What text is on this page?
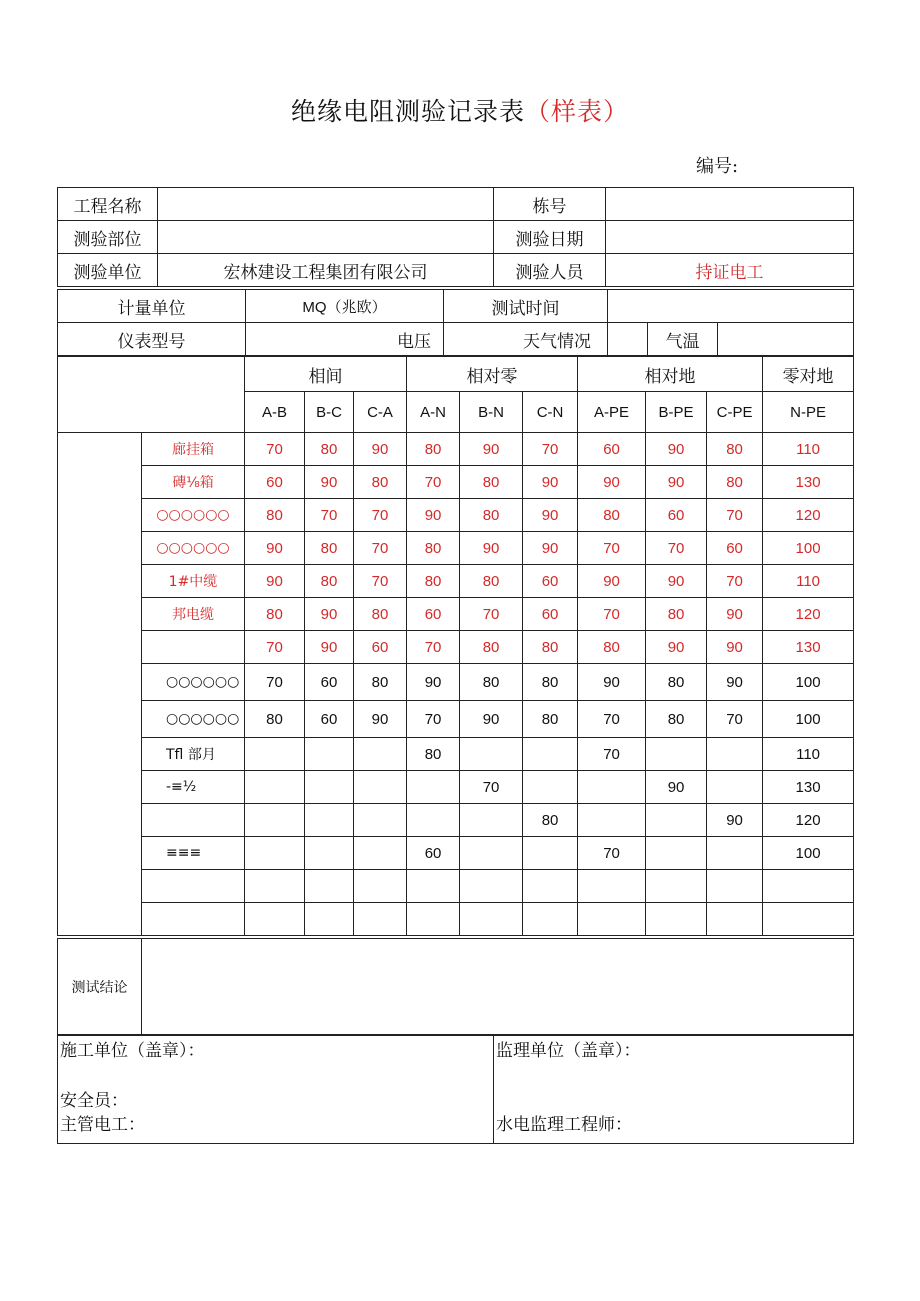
绝缘电阻测验记录表（样表）
编号:
工程名称		栋号	
测验部位		测验日期	
测验单位	宏林建设工程集团有限公司	测验人员	持证电工
计量单位	MQ（兆欧）	测试时间			
仪表型号	电压	天气情况		气温	
		相间			相对零			相对地			零对地
		A-B	B-C	C-A	A-N	B-N	C-N	A-PE	B-PE	C-PE	N-PE
	廊挂箱	70	80	90	80	90	70	60	90	80	110
	磚⅛箱	60	90	80	70	80	90	90	90	80	130
	○○○○○○	80	70	70	90	80	90	80	60	70	120
	○○○○○○	90	80	70	80	90	90	70	70	60	100
	1#中缆	90	80	70	80	80	60	90	90	70	110
	邦电缆	80	90	80	60	70	60	70	80	90	120
		70	90	60	70	80	80	80	90	90	130
	○○○○○○	70	60	80	90	80	80	90	80	90	100
	○○○○○○	80	60	90	70	90	80	70	80	70	100
	Tfl 部月				80			70			110
	-≡½					70			90		130
							80			90	120
	≡≡≡				60			70			100

测试结论	
施工单位（盖章）：
安全员：
主管电工：

监理单位（盖章）：

水电监理工程师：
